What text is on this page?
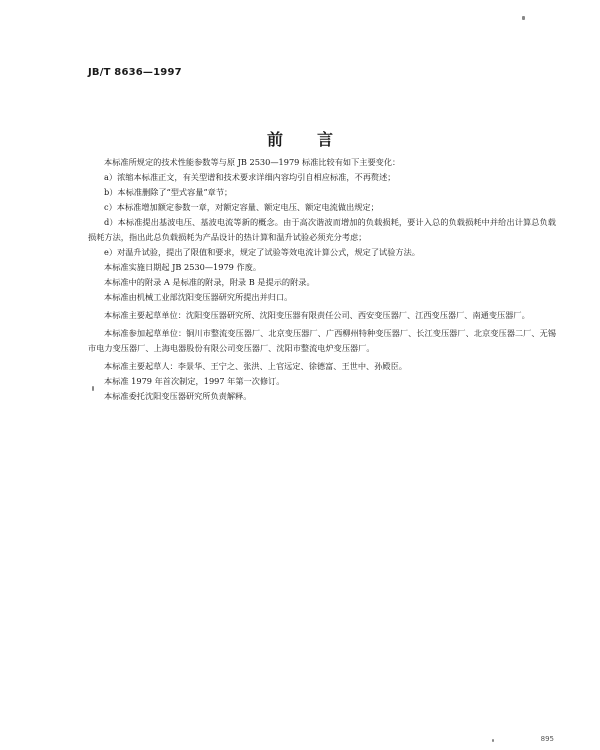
JB/T 8636—1997
前言

本标准所规定的技术性能参数等与原 JB 2530—1979 标准比较有如下主要变化：

a）浓缩本标准正文，有关型谱和技术要求详细内容均引自相应标准，不再赘述；

b）本标准删除了“型式容量”章节；

c）本标准增加额定参数一章，对额定容量、额定电压、额定电流做出规定；

d）本标准提出基波电压、基波电流等新的概念。由于高次谐波而增加的负载损耗，要计入总的负载损耗中并给出计算总负载损耗方法，指出此总负载损耗为产品设计的热计算和温升试验必须充分考虑；

e）对温升试验，提出了限值和要求，规定了试验等效电流计算公式，规定了试验方法。

本标准实施日期起 JB 2530—1979 作废。

本标准中的附录 A 是标准的附录，附录 B 是提示的附录。

本标准由机械工业部沈阳变压器研究所提出并归口。

本标准主要起草单位：沈阳变压器研究所、沈阳变压器有限责任公司、西安变压器厂、江西变压器厂、南通变压器厂。

本标准参加起草单位：铜川市整流变压器厂、北京变压器厂、广西柳州特种变压器厂、长江变压器厂、北京变压器二厂、无锡市电力变压器厂、上海电器股份有限公司变压器厂、沈阳市整流电炉变压器厂。

本标准主要起草人：李景华、王宁之、张洪、上官远定、徐德富、王世中、孙殿臣。

本标准 1979 年首次制定，1997 年第一次修订。

本标准委托沈阳变压器研究所负责解释。

895
